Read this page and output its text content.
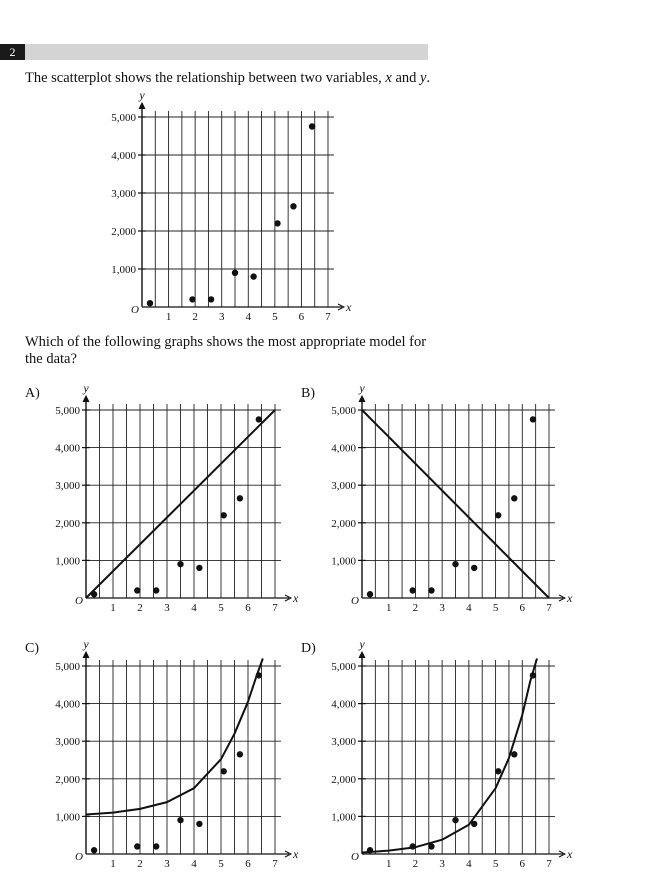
2
The scatterplot shows the relationship between two variables, x and y.
1,000
2,000
3,000
4,000
5,000
1 2 3 4 5 6 7
O	x
y
Which of the following graphs shows the most appropriate model for the data?
A)	B)
C)	D)
1,000
2,000
3,000
4,000
5,000
1 2 3 4 5 6 7
O	x
y
1,000
2,000
3,000
4,000
5,000
1 2 3 4 5 6 7
O	x
y
1,000
2,000
3,000
4,000
5,000
1 2 3 4 5 6 7
O	x
y
1,000
2,000
3,000
4,000
5,000
1 2 3 4 5 6 7
O	x
y
